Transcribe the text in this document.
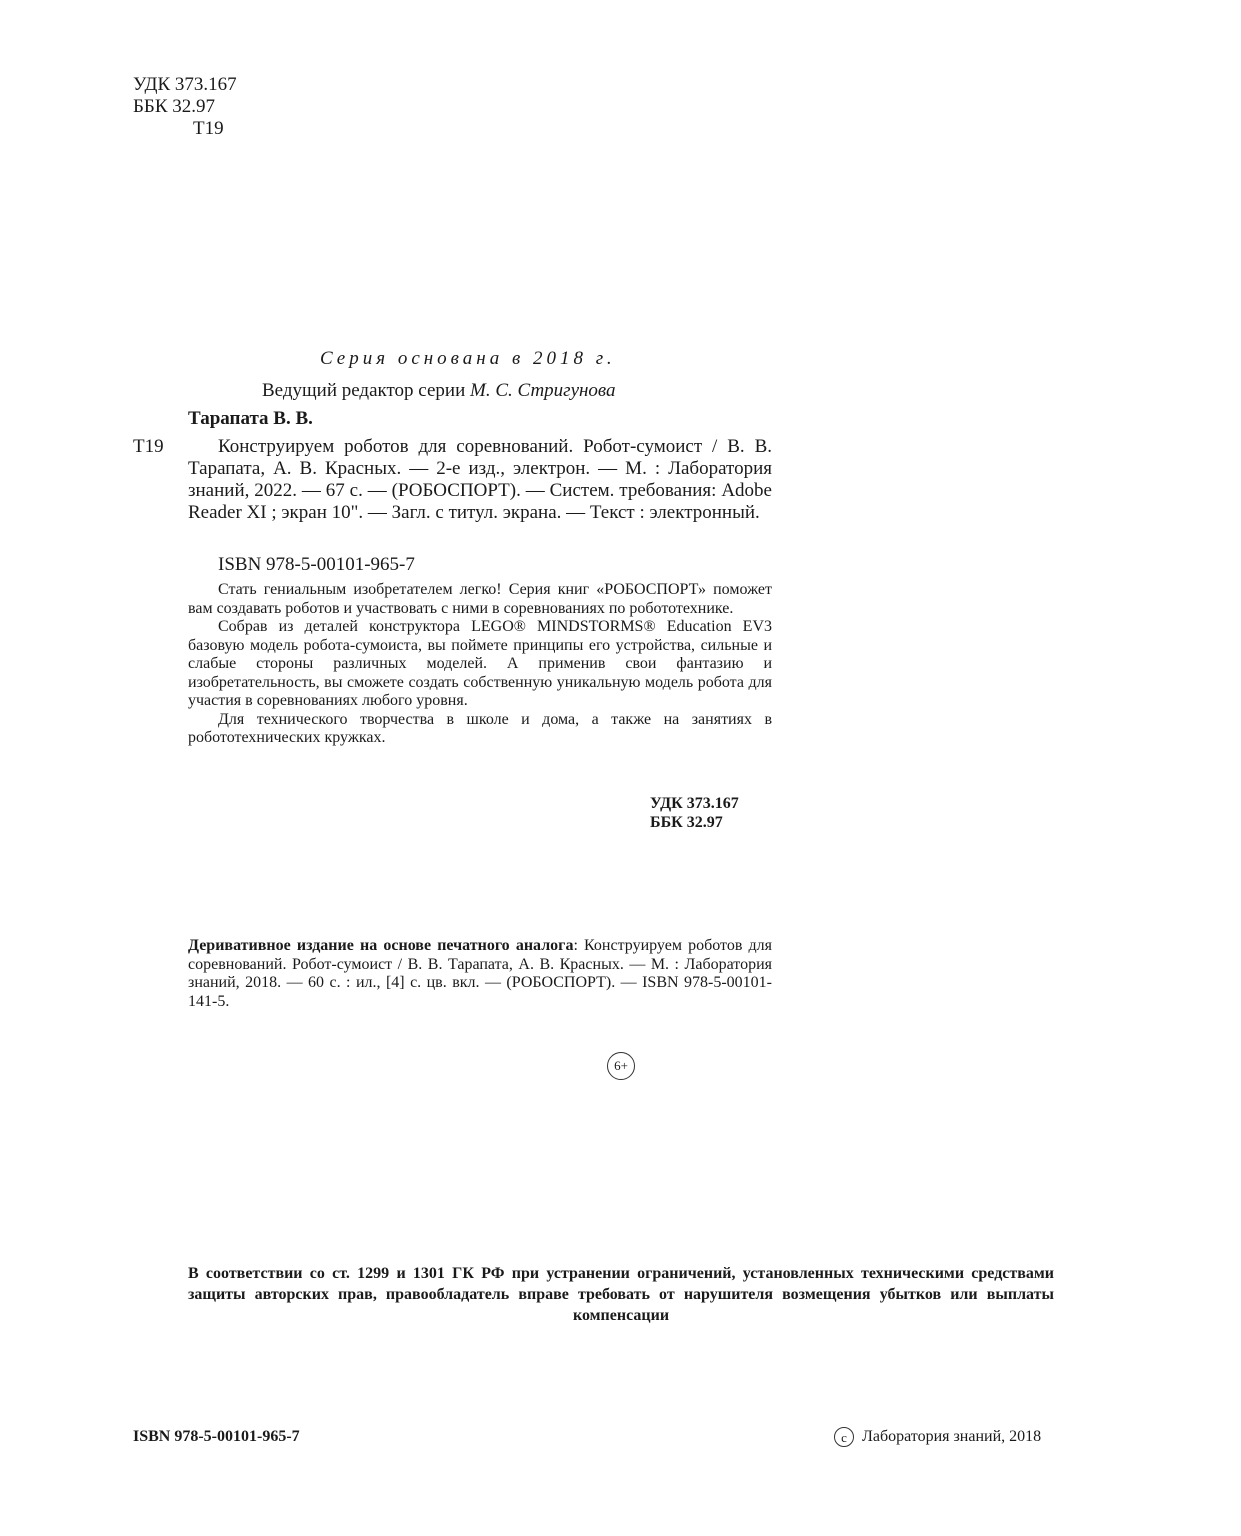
УДК 373.167
ББК 32.97
Т19
Серия основана в 2018 г.
Ведущий редактор серии М. С. Стригунова
Тарапата В. В.
Т19	Конструируем роботов для соревнований. Робот-сумоист / В. В. Тарапата, А. В. Красных. — 2-е изд., электрон. — М. : Лаборатория знаний, 2022. — 67 с. — (РОБОСПОРТ). — Систем. требования: Adobe Reader XI ; экран 10". — Загл. с титул. экрана. — Текст : электронный.
ISBN 978-5-00101-965-7

Стать гениальным изобретателем легко! Серия книг «РОБОСПОРТ» поможет вам создавать роботов и участвовать с ними в соревнованиях по робототехнике.

Собрав из деталей конструктора LEGO® MINDSTORMS® Education EV3 базовую модель робота-сумоиста, вы поймете принципы его устройства, сильные и слабые стороны различных моделей. А применив свои фантазию и изобретательность, вы сможете создать собственную уникальную модель робота для участия в соревнованиях любого уровня.

Для технического творчества в школе и дома, а также на занятиях в робототехнических кружках.

УДК 373.167
ББК 32.97
Деривативное издание на основе печатного аналога: Конструируем роботов для соревнований. Робот-сумоист / В. В. Тарапата, А. В. Красных. — М. : Лаборатория знаний, 2018. — 60 с. : ил., [4] с. цв. вкл. — (РОБОСПОРТ). — ISBN 978-5-00101-141-5.
6+
В соответствии со ст. 1299 и 1301 ГК РФ при устранении ограничений, установленных техническими средствами защиты авторских прав, правообладатель вправе требовать от нарушителя возмещения убытков или выплаты компенсации
ISBN 978-5-00101-965-7	c Лаборатория знаний, 2018
